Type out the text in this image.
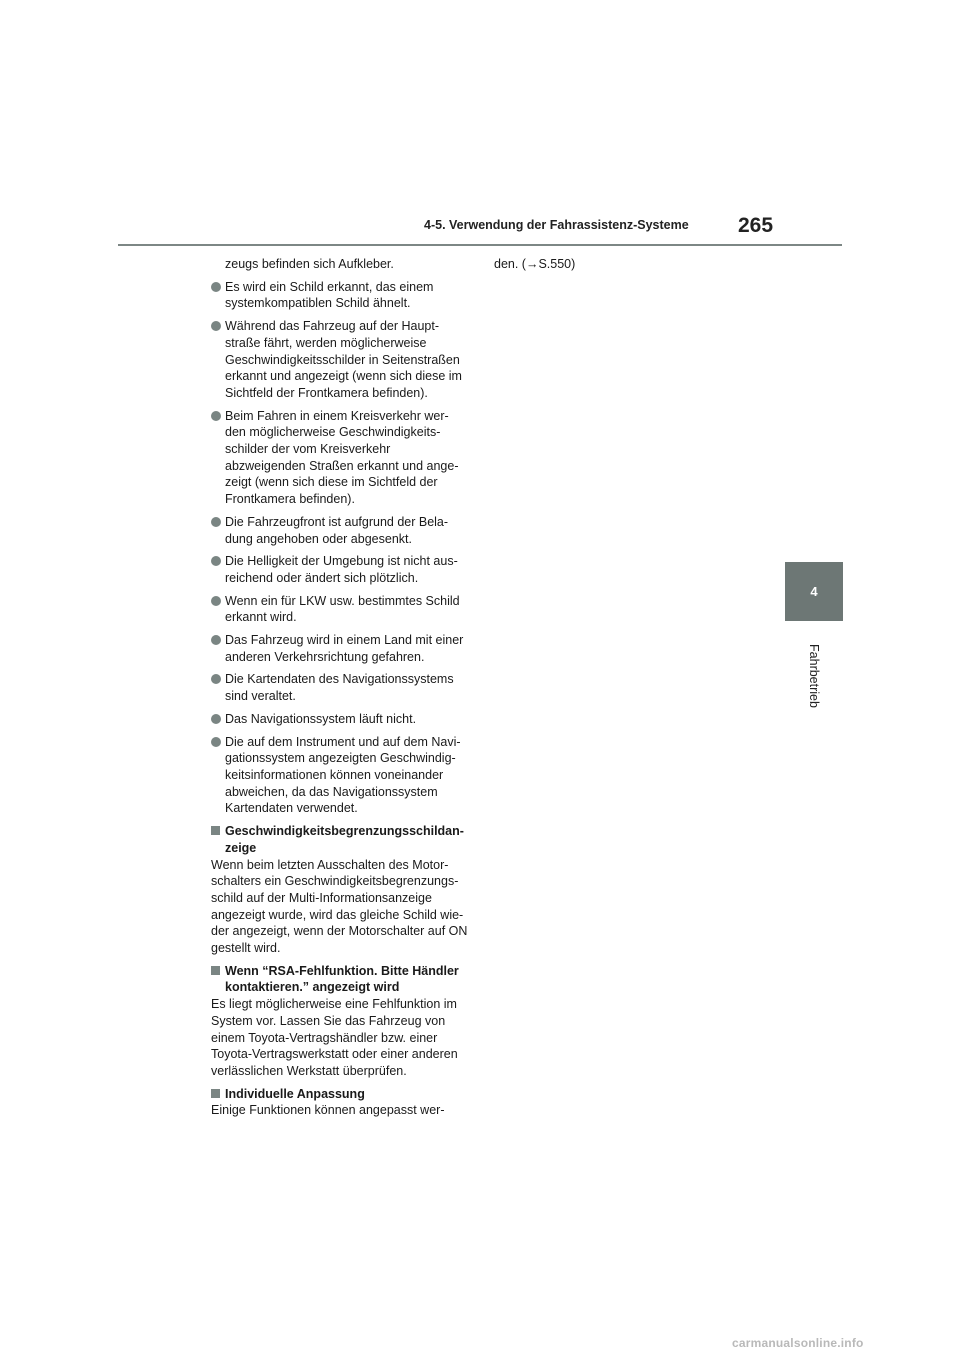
4-5. Verwendung der Fahrassistenz-Systeme 265
4
Fahrbetrieb
zeugs befinden sich Aufkleber.
Es wird ein Schild erkannt, das einem systemkompatiblen Schild ähnelt.
Während das Fahrzeug auf der Haupt-straße fährt, werden möglicherweise Geschwindigkeitsschilder in Seitenstraßen erkannt und angezeigt (wenn sich diese im Sichtfeld der Frontkamera befinden).
Beim Fahren in einem Kreisverkehr wer-den möglicherweise Geschwindigkeits-schilder der vom Kreisverkehr abzweigenden Straßen erkannt und ange-zeigt (wenn sich diese im Sichtfeld der Frontkamera befinden).
Die Fahrzeugfront ist aufgrund der Bela-dung angehoben oder abgesenkt.
Die Helligkeit der Umgebung ist nicht aus-reichend oder ändert sich plötzlich.
Wenn ein für LKW usw. bestimmtes Schild erkannt wird.
Das Fahrzeug wird in einem Land mit einer anderen Verkehrsrichtung gefahren.
Die Kartendaten des Navigationssystems sind veraltet.
Das Navigationssystem läuft nicht.
Die auf dem Instrument und auf dem Navi-gationssystem angezeigten Geschwindig-keitsinformationen können voneinander abweichen, da das Navigationssystem Kartendaten verwendet.
Geschwindigkeitsbegrenzungsschildan-zeige
Wenn beim letzten Ausschalten des Motor-schalters ein Geschwindigkeitsbegrenzungs-schild auf der Multi-Informationsanzeige angezeigt wurde, wird das gleiche Schild wie-der angezeigt, wenn der Motorschalter auf ON gestellt wird.
Wenn “RSA-Fehlfunktion. Bitte Händler kontaktieren.” angezeigt wird
Es liegt möglicherweise eine Fehlfunktion im System vor. Lassen Sie das Fahrzeug von einem Toyota-Vertragshändler bzw. einer Toyota-Vertragswerkstatt oder einer anderen verlässlichen Werkstatt überprüfen.
Individuelle Anpassung
Einige Funktionen können angepasst wer-
den. (→S.550)
carmanualsonline.info
